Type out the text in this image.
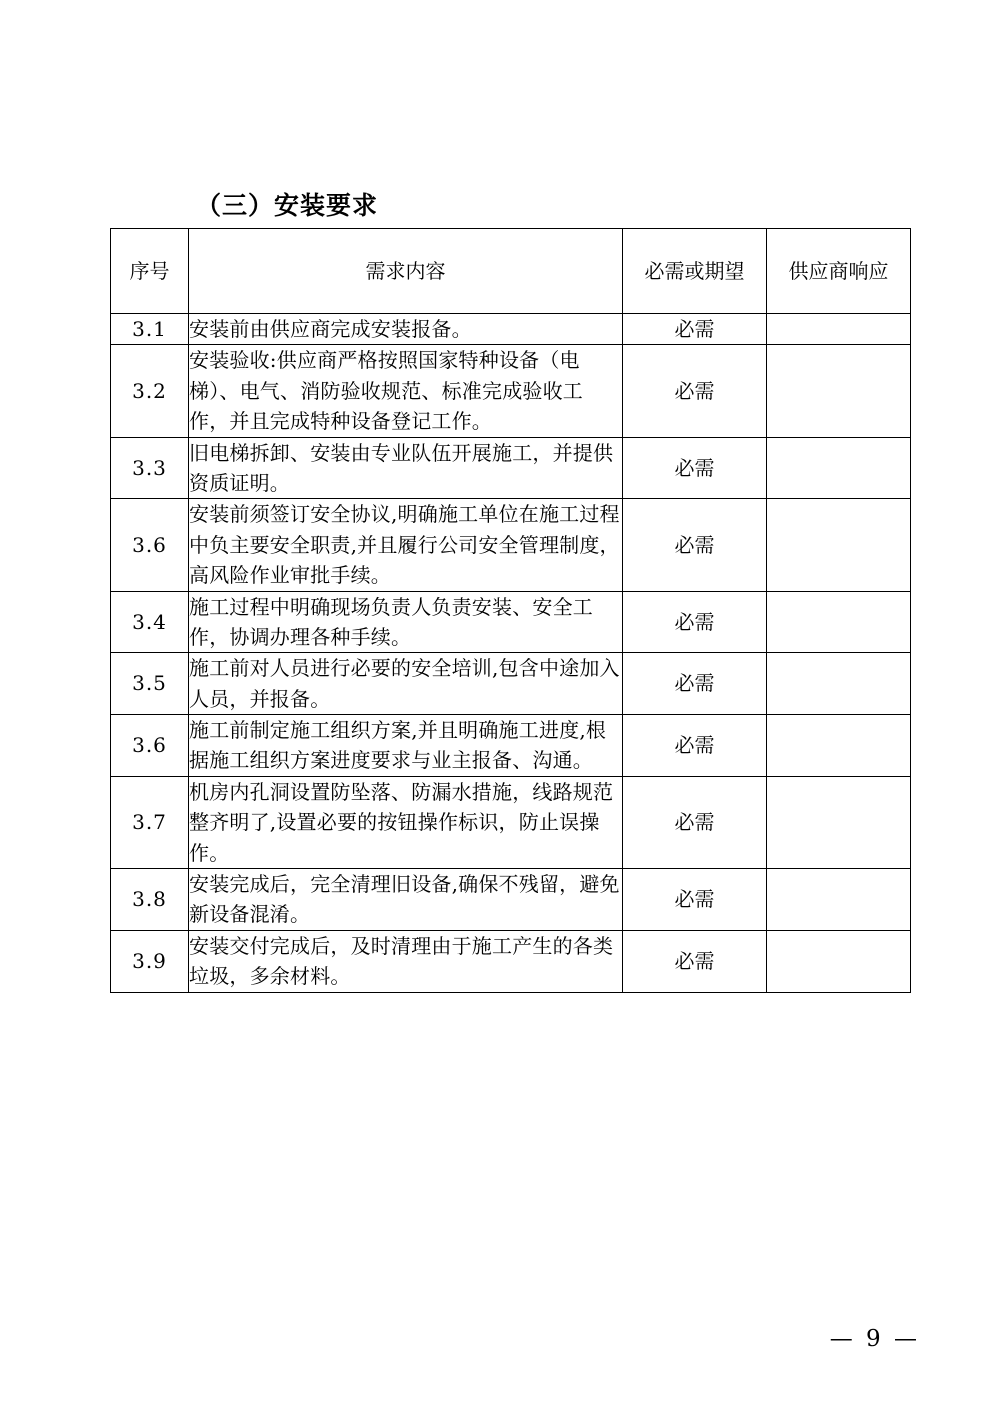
（三）安装要求
序号	需求内容	必需或期望	供应商响应
3.1	安装前由供应商完成安装报备。	必需	
3.2	安装验收:供应商严格按照国家特种设备（电梯）、电气、消防验收规范、标准完成验收工作，并且完成特种设备登记工作。	必需	
3.3	旧电梯拆卸、安装由专业队伍开展施工，并提供资质证明。	必需	
3.6	安装前须签订安全协议,明确施工单位在施工过程中负主要安全职责,并且履行公司安全管理制度，高风险作业审批手续。	必需	
3.4	施工过程中明确现场负责人负责安装、安全工作，协调办理各种手续。	必需	
3.5	施工前对人员进行必要的安全培训,包含中途加入人员，并报备。	必需	
3.6	施工前制定施工组织方案,并且明确施工进度,根据施工组织方案进度要求与业主报备、沟通。	必需	
3.7	机房内孔洞设置防坠落、防漏水措施，线路规范整齐明了,设置必要的按钮操作标识，防止误操作。	必需	
3.8	安装完成后，完全清理旧设备,确保不残留，避免新设备混淆。	必需	
3.9	安装交付完成后，及时清理由于施工产生的各类垃圾，多余材料。	必需	
— 9 —
